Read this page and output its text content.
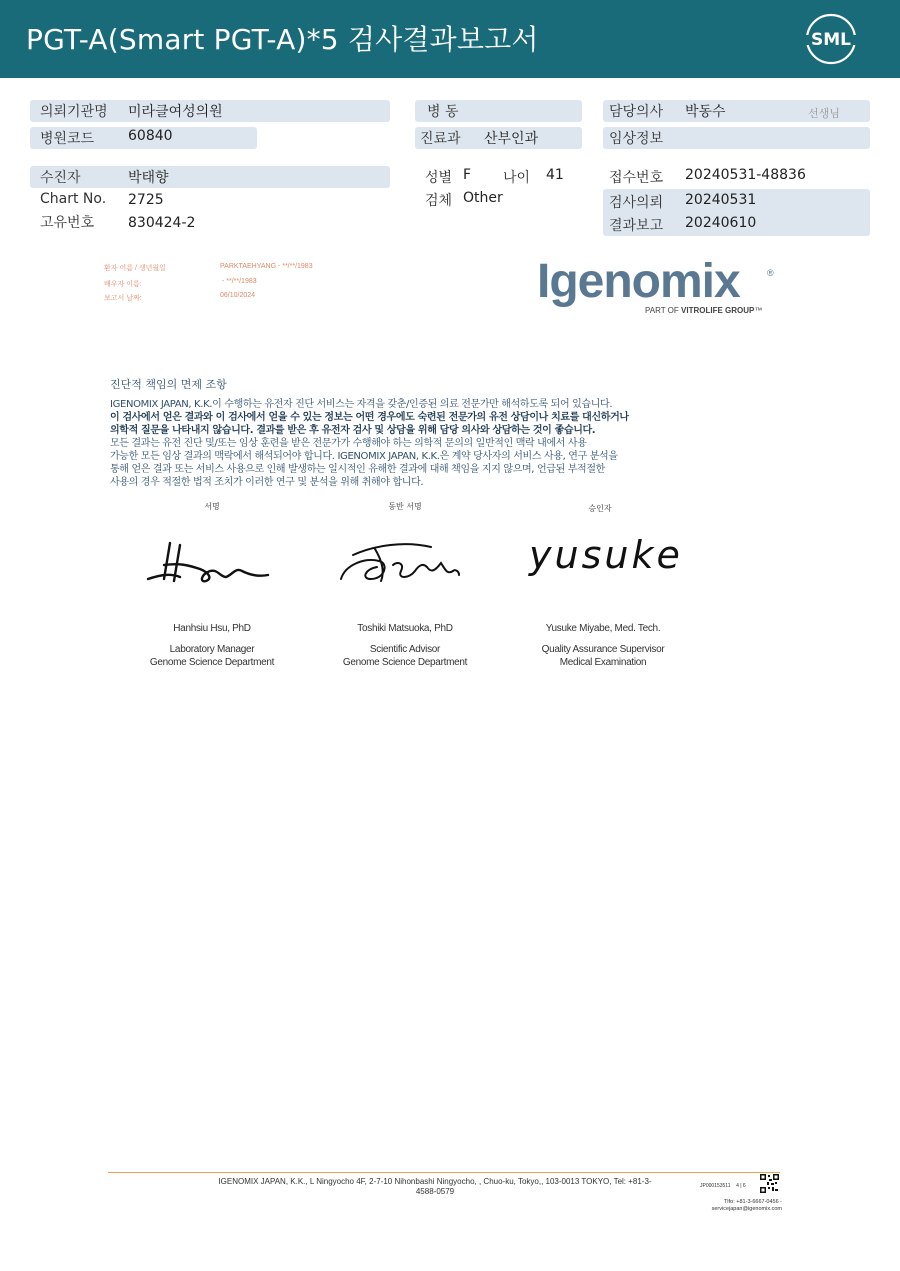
PGT-A(Smart PGT-A)*5 검사결과보고서	SML
의뢰기관명 미라클여성의원
병원코드 60840
병 동
진료과 산부인과
담당의사 박동수	선생님
임상정보
수진자	박태향
Chart No. 2725
고유번호 830424-2
성별 F 나이 41
검체 Other
접수번호 20240531-48836
검사의뢰 20240531
결과보고 20240610
환자 이름 / 생년월일	PARKTAEHYANG - **/**/1983
배우자 이름:	- **/**/1983
보고서 날짜:	06/10/2024	Igenomix	®
PART OF VITROLIFE GROUP™
진단적 책임의 면제 조항
IGENOMIX JAPAN, K.K.이 수행하는 유전자 진단 서비스는 자격을 갖춘/인증된 의료 전문가만 해석하도록 되어 있습니다.
이 검사에서 얻은 결과와 이 검사에서 얻을 수 있는 정보는 어떤 경우에도 숙련된 전문가의 유전 상담이나 치료를 대신하거나
의학적 질문을 나타내지 않습니다. 결과를 받은 후 유전자 검사 및 상담을 위해 담당 의사와 상담하는 것이 좋습니다.
모든 결과는 유전 진단 및/또는 임상 훈련을 받은 전문가가 수행해야 하는 의학적 문의의 일반적인 맥락 내에서 사용
가능한 모든 임상 결과의 맥락에서 해석되어야 합니다. IGENOMIX JAPAN, K.K.은 계약 당사자의 서비스 사용, 연구 분석을
통해 얻은 결과 또는 서비스 사용으로 인해 발생하는 일시적인 유해한 결과에 대해 책임을 지지 않으며, 언급된 부적절한
사용의 경우 적절한 법적 조치가 이러한 연구 및 분석을 위해 취해야 합니다.
서명	동반 서명	승인자
yusuke
Hanhsiu Hsu, PhD
Laboratory Manager
Genome Science Department
Toshiki Matsuoka, PhD
Scientific Advisor
Genome Science Department
Yusuke Miyabe, Med. Tech.
Quality Assurance Supervisor
Medical Examination
IGENOMIX JAPAN, K.K., L Ningyocho 4F, 2-7-10 Nihonbashi Ningyocho, , Chuo-ku, Tokyo,, 103-0013 TOKYO, Tel: +81-3-
4588-0579
JP000153511 4 | 6
TIfo: +81-3-6667-0456 -
servicejapan@igenomix.com
